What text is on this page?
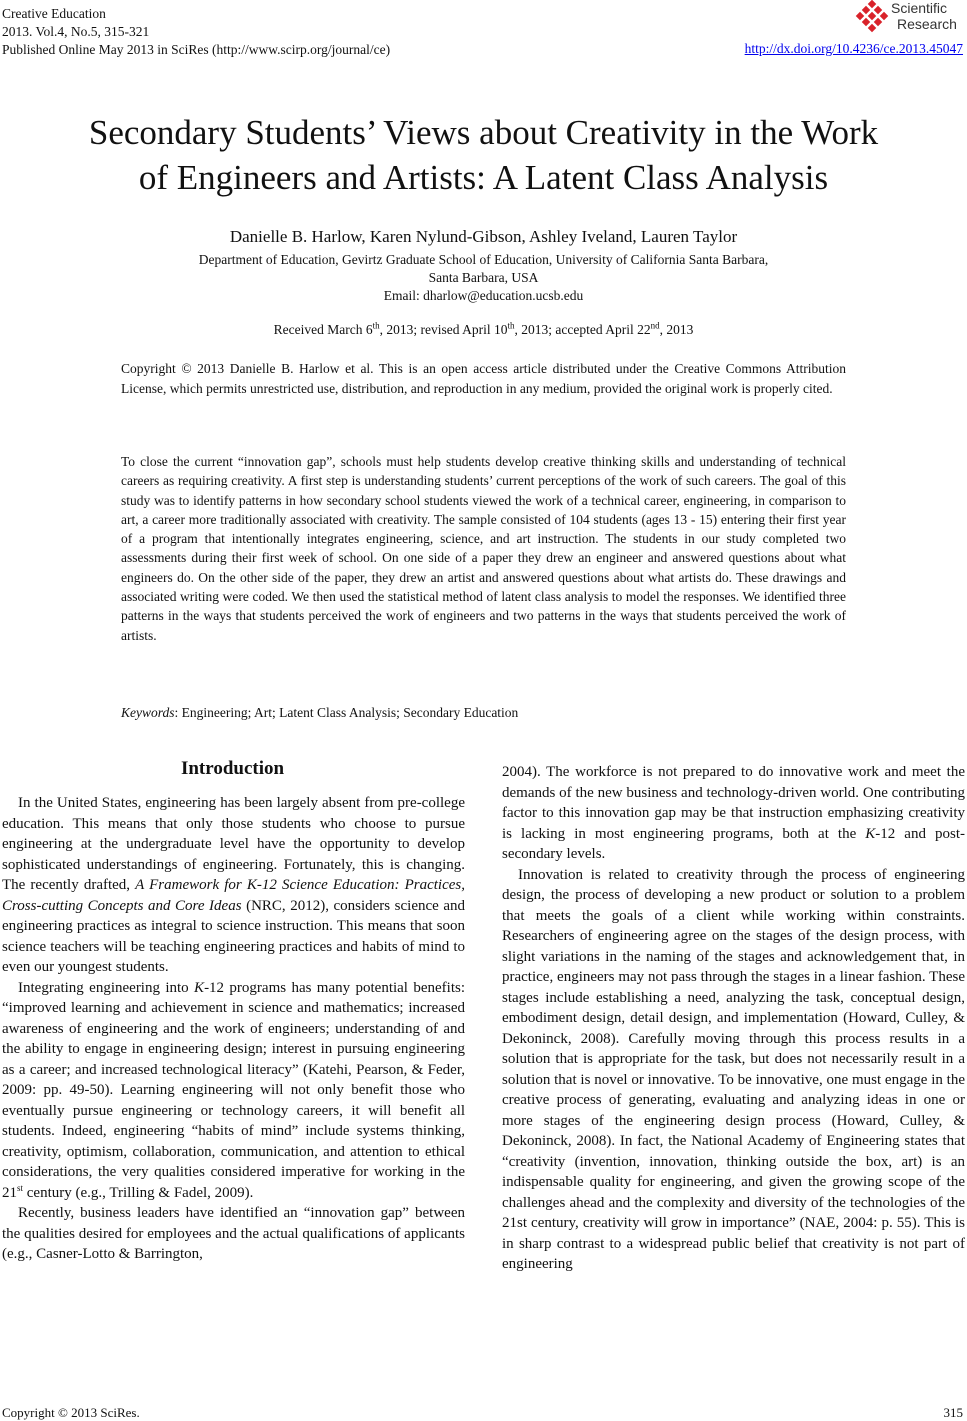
Creative Education
2013. Vol.4, No.5, 315-321
Published Online May 2013 in SciRes (http://www.scirp.org/journal/ce)
Scientific
Research
http://dx.doi.org/10.4236/ce.2013.45047
Secondary Students’ Views about Creativity in the Work
of Engineers and Artists: A Latent Class Analysis
Danielle B. Harlow, Karen Nylund-Gibson, Ashley Iveland, Lauren Taylor
Department of Education, Gevirtz Graduate School of Education, University of California Santa Barbara,
Santa Barbara, USA
Email: dharlow@education.ucsb.edu
Received March 6th, 2013; revised April 10th, 2013; accepted April 22nd, 2013
Copyright © 2013 Danielle B. Harlow et al. This is an open access article distributed under the Creative Commons Attribution License, which permits unrestricted use, distribution, and reproduction in any medium, provided the original work is properly cited.
To close the current “innovation gap”, schools must help students develop creative thinking skills and understanding of technical careers as requiring creativity. A first step is understanding students’ current perceptions of the work of such careers. The goal of this study was to identify patterns in how secondary school students viewed the work of a technical career, engineering, in comparison to art, a career more traditionally associated with creativity. The sample consisted of 104 students (ages 13 - 15) entering their first year of a program that intentionally integrates engineering, science, and art instruction. The students in our study completed two assessments during their first week of school. On one side of a paper they drew an engineer and answered questions about what engineers do. On the other side of the paper, they drew an artist and answered questions about what artists do. These drawings and associated writing were coded. We then used the statistical method of latent class analysis to model the responses. We identified three patterns in the ways that students perceived the work of engineers and two patterns in the ways that students perceived the work of artists.
Keywords: Engineering; Art; Latent Class Analysis; Secondary Education
Introduction

In the United States, engineering has been largely absent from pre-college education. This means that only those students who choose to pursue engineering at the undergraduate level have the opportunity to develop sophisticated understandings of engineering. Fortunately, this is changing. The recently drafted, A Framework for K-12 Science Education: Practices, Cross-cutting Concepts and Core Ideas (NRC, 2012), considers science and engineering practices as integral to science instruction. This means that soon science teachers will be teaching engineering practices and habits of mind to even our youngest students.

Integrating engineering into K-12 programs has many potential benefits: “improved learning and achievement in science and mathematics; increased awareness of engineering and the work of engineers; understanding of and the ability to engage in engineering design; interest in pursuing engineering as a career; and increased technological literacy” (Katehi, Pearson, & Feder, 2009: pp. 49-50). Learning engineering will not only benefit those who eventually pursue engineering or technology careers, it will benefit all students. Indeed, engineering “habits of mind” include systems thinking, creativity, optimism, collaboration, communication, and attention to ethical considerations, the very qualities considered imperative for working in the 21st century (e.g., Trilling & Fadel, 2009).

Recently, business leaders have identified an “innovation gap” between the qualities desired for employees and the actual qualifications of applicants (e.g., Casner-Lotto & Barrington,

2004). The workforce is not prepared to do innovative work and meet the demands of the new business and technology-driven world. One contributing factor to this innovation gap may be that instruction emphasizing creativity is lacking in most engineering programs, both at the K-12 and post-secondary levels.

Innovation is related to creativity through the process of engineering design, the process of developing a new product or solution to a problem that meets the goals of a client while working within constraints. Researchers of engineering agree on the stages of the design process, with slight variations in the naming of the stages and acknowledgement that, in practice, engineers may not pass through the stages in a linear fashion. These stages include establishing a need, analyzing the task, conceptual design, embodiment design, detail design, and implementation (Howard, Culley, & Dekoninck, 2008). Carefully moving through this process results in a solution that is appropriate for the task, but does not necessarily result in a solution that is novel or innovative. To be innovative, one must engage in the creative process of generating, evaluating and analyzing ideas in one or more stages of the engineering design process (Howard, Culley, & Dekoninck, 2008). In fact, the National Academy of Engineering states that “creativity (invention, innovation, thinking outside the box, art) is an indispensable quality for engineering, and given the growing scope of the challenges ahead and the complexity and diversity of the technologies of the 21st century, creativity will grow in importance” (NAE, 2004: p. 55). This is in sharp contrast to a widespread public belief that creativity is not part of engineering

Copyright © 2013 SciRes.	315
